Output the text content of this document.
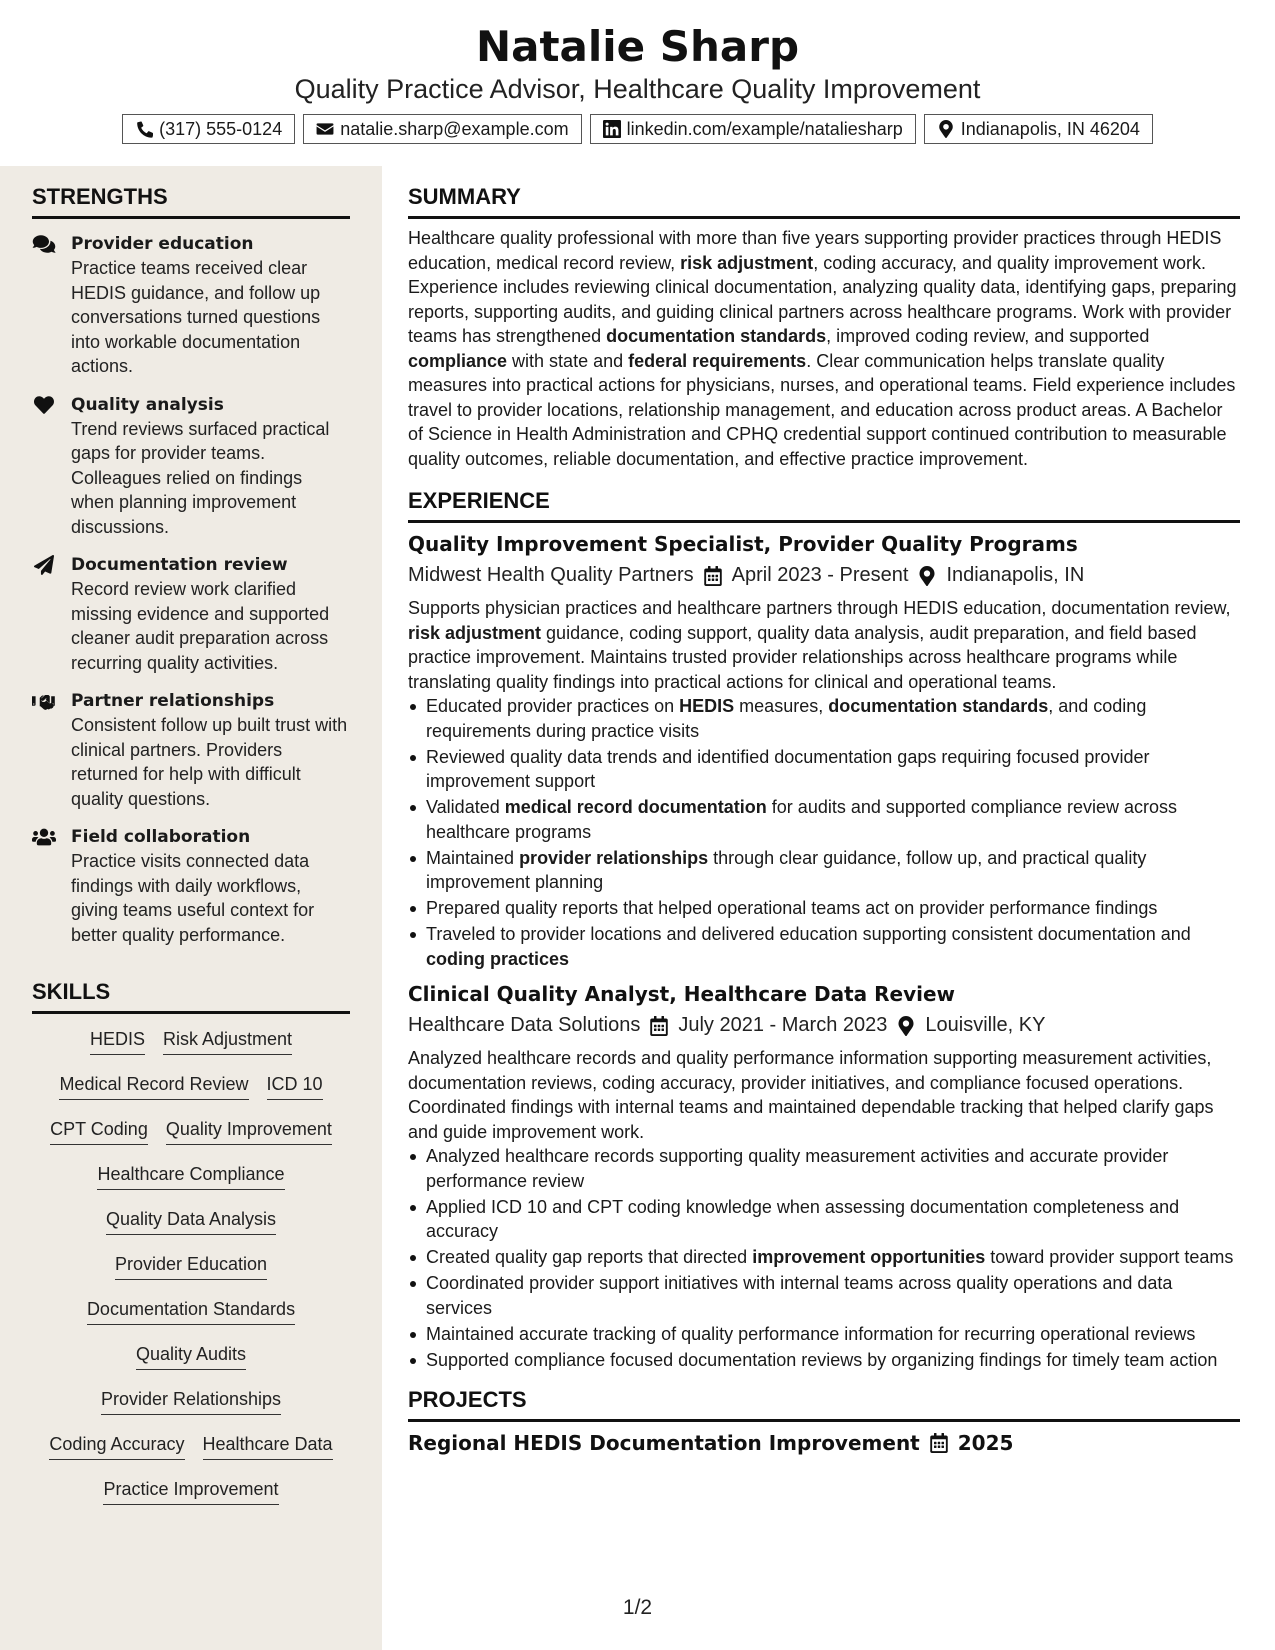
Natalie Sharp
Quality Practice Advisor, Healthcare Quality Improvement
(317) 555-0124	natalie.sharp@example.com	linkedin.com/example/nataliesharp	Indianapolis, IN 46204
STRENGTHS
Provider education
Practice teams received clear HEDIS guidance, and follow up conversations turned questions into workable documentation actions.
Quality analysis
Trend reviews surfaced practical gaps for provider teams. Colleagues relied on findings when planning improvement discussions.
Documentation review
Record review work clarified missing evidence and supported cleaner audit preparation across recurring quality activities.
Partner relationships
Consistent follow up built trust with clinical partners. Providers returned for help with difficult quality questions.
Field collaboration
Practice visits connected data findings with daily workflows, giving teams useful context for better quality performance.
SKILLS
HEDIS Risk Adjustment
Medical Record Review ICD 10
CPT Coding Quality Improvement
Healthcare Compliance
Quality Data Analysis
Provider Education
Documentation Standards
Quality Audits
Provider Relationships
Coding Accuracy Healthcare Data
Practice Improvement
SUMMARY
Healthcare quality professional with more than five years supporting provider practices through HEDIS education, medical record review, risk adjustment, coding accuracy, and quality improvement work. Experience includes reviewing clinical documentation, analyzing quality data, identifying gaps, preparing reports, supporting audits, and guiding clinical partners across healthcare programs. Work with provider teams has strengthened documentation standards, improved coding review, and supported compliance with state and federal requirements. Clear communication helps translate quality measures into practical actions for physicians, nurses, and operational teams. Field experience includes travel to provider locations, relationship management, and education across product areas. A Bachelor of Science in Health Administration and CPHQ credential support continued contribution to measurable quality outcomes, reliable documentation, and effective practice improvement.
EXPERIENCE
Quality Improvement Specialist, Provider Quality Programs
Midwest Health Quality Partners April 2023 - Present Indianapolis, IN
Supports physician practices and healthcare partners through HEDIS education, documentation review, risk adjustment guidance, coding support, quality data analysis, audit preparation, and field based practice improvement. Maintains trusted provider relationships across healthcare programs while translating quality findings into practical actions for clinical and operational teams.
Educated provider practices on HEDIS measures, documentation standards, and coding requirements during practice visits
Reviewed quality data trends and identified documentation gaps requiring focused provider improvement support
Validated medical record documentation for audits and supported compliance review across healthcare programs
Maintained provider relationships through clear guidance, follow up, and practical quality improvement planning
Prepared quality reports that helped operational teams act on provider performance findings
Traveled to provider locations and delivered education supporting consistent documentation and coding practices
Clinical Quality Analyst, Healthcare Data Review
Healthcare Data Solutions July 2021 - March 2023 Louisville, KY
Analyzed healthcare records and quality performance information supporting measurement activities, documentation reviews, coding accuracy, provider initiatives, and compliance focused operations. Coordinated findings with internal teams and maintained dependable tracking that helped clarify gaps and guide improvement work.
Analyzed healthcare records supporting quality measurement activities and accurate provider performance review
Applied ICD 10 and CPT coding knowledge when assessing documentation completeness and accuracy
Created quality gap reports that directed improvement opportunities toward provider support teams
Coordinated provider support initiatives with internal teams across quality operations and data services
Maintained accurate tracking of quality performance information for recurring operational reviews
Supported compliance focused documentation reviews by organizing findings for timely team action
PROJECTS
Regional HEDIS Documentation Improvement 2025
1/2
